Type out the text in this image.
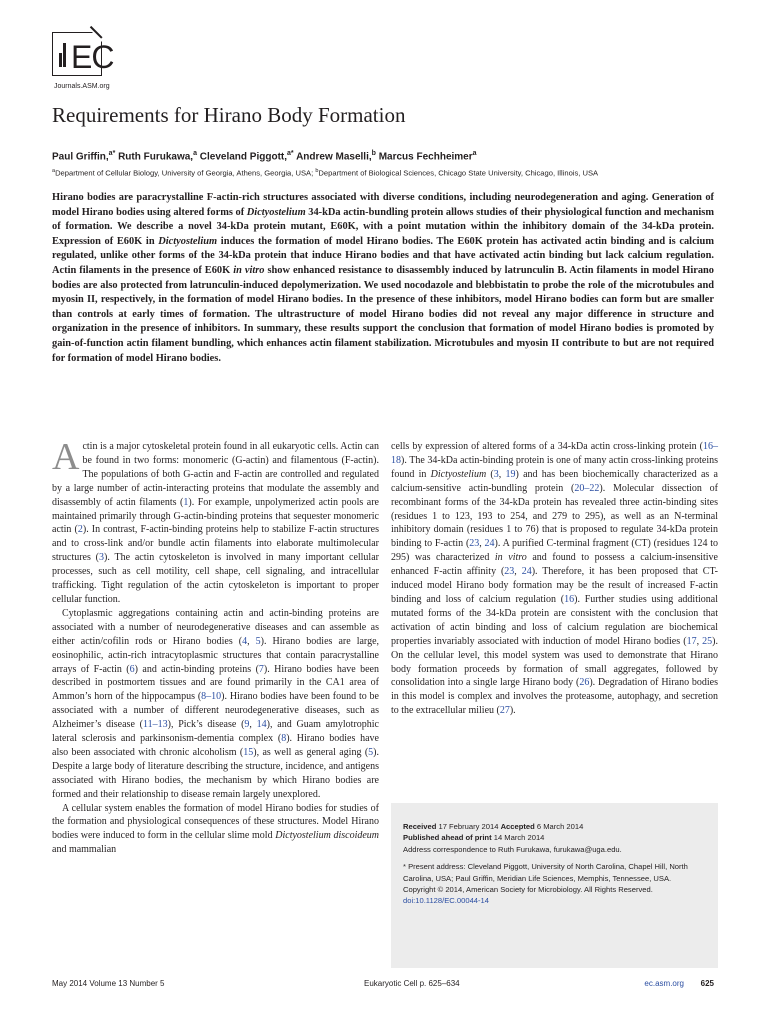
EC
Journals.ASM.org
Requirements for Hirano Body Formation
Paul Griffin,$^{a*}$ Ruth Furukawa,$^a$ Cleveland Piggott,$^{a*}$ Andrew Maselli,$^b$ Marcus Fechheimer$^a$
$^a$Department of Cellular Biology, University of Georgia, Athens, Georgia, USA; $^b$Department of Biological Sciences, Chicago State University, Chicago, Illinois, USA

Hirano bodies are paracrystalline F-actin-rich structures associated with diverse conditions, including neurodegeneration and aging. Generation of model Hirano bodies using altered forms of Dictyostelium 34-kDa actin-bundling protein allows studies of their physiological function and mechanism of formation. We describe a novel 34-kDa protein mutant, E60K, with a point mutation within the inhibitory domain of the 34-kDa protein. Expression of E60K in Dictyostelium induces the formation of model Hirano bodies. The E60K protein has activated actin binding and is calcium regulated, unlike other forms of the 34-kDa protein that induce Hirano bodies and that have activated actin binding but lack calcium regulation. Actin filaments in the presence of E60K in vitro show enhanced resistance to disassembly induced by latrunculin B. Actin filaments in model Hirano bodies are also protected from latrunculin-induced depolymerization. We used nocodazole and blebbistatin to probe the role of the microtubules and myosin II, respectively, in the formation of model Hirano bodies. In the presence of these inhibitors, model Hirano bodies can form but are smaller than controls at early times of formation. The ultrastructure of model Hirano bodies did not reveal any major difference in structure and organization in the presence of inhibitors. In summary, these results support the conclusion that formation of model Hirano bodies is promoted by gain-of-function actin filament bundling, which enhances actin filament stabilization. Microtubules and myosin II contribute to but are not required for formation of model Hirano bodies.

Actin is a major cytoskeletal protein found in all eukaryotic cells. Actin can be found in two forms: monomeric (G-actin) and filamentous (F-actin). The populations of both G-actin and F-actin are controlled and regulated by a large number of actin-interacting proteins that modulate the assembly and disassembly of actin filaments (1). For example, unpolymerized actin pools are maintained primarily through G-actin-binding proteins that sequester monomeric actin (2). In contrast, F-actin-binding proteins help to stabilize F-actin structures and to cross-link and/or bundle actin filaments into elaborate multimolecular structures (3). The actin cytoskeleton is involved in many important cellular processes, such as cell motility, cell shape, cell signaling, and intracellular trafficking. Tight regulation of the actin cytoskeleton is important to proper cellular function.

Cytoplasmic aggregations containing actin and actin-binding proteins are associated with a number of neurodegenerative diseases and can assemble as either actin/cofilin rods or Hirano bodies (4, 5). Hirano bodies are large, eosinophilic, actin-rich intracytoplasmic structures that contain paracrystalline arrays of F-actin (6) and actin-binding proteins (7). Hirano bodies have been described in postmortem tissues and are found primarily in the CA1 area of Ammon’s horn of the hippocampus (8–10). Hirano bodies have been found to be associated with a number of different neurodegenerative diseases, such as Alzheimer’s disease (11–13), Pick’s disease (9, 14), and Guam amylotrophic lateral sclerosis and parkinsonism-dementia complex (8). Hirano bodies have also been associated with chronic alcoholism (15), as well as general aging (5). Despite a large body of literature describing the structure, incidence, and antigens associated with Hirano bodies, the mechanism by which Hirano bodies are formed and their relationship to disease remain largely unexplored.

A cellular system enables the formation of model Hirano bodies for studies of the formation and physiological consequences of these structures. Model Hirano bodies were induced to form in the cellular slime mold Dictyostelium discoideum and mammalian

cells by expression of altered forms of a 34-kDa actin cross-linking protein (16–18). The 34-kDa actin-binding protein is one of many actin cross-linking proteins found in Dictyostelium (3, 19) and has been biochemically characterized as a calcium-sensitive actin-bundling protein (20–22). Molecular dissection of recombinant forms of the 34-kDa protein has revealed three actin-binding sites (residues 1 to 123, 193 to 254, and 279 to 295), as well as an N-terminal inhibitory domain (residues 1 to 76) that is proposed to regulate 34-kDa protein binding to F-actin (23, 24). A purified C-terminal fragment (CT) (residues 124 to 295) was characterized in vitro and found to possess a calcium-insensitive enhanced F-actin affinity (23, 24). Therefore, it has been proposed that CT-induced model Hirano body formation may be the result of increased F-actin binding and loss of calcium regulation (16). Further studies using additional mutated forms of the 34-kDa protein are consistent with the conclusion that activation of actin binding and loss of calcium regulation are biochemical properties invariably associated with induction of model Hirano bodies (17, 25). On the cellular level, this model system was used to demonstrate that Hirano body formation proceeds by formation of small aggregates, followed by consolidation into a single large Hirano body (26). Degradation of Hirano bodies in this model is complex and involves the proteasome, autophagy, and secretion to the extracellular milieu (27).

Received 17 February 2014 Accepted 6 March 2014

Published ahead of print 14 March 2014

Address correspondence to Ruth Furukawa, furukawa@uga.edu.

* Present address: Cleveland Piggott, University of North Carolina, Chapel Hill, North Carolina, USA; Paul Griffin, Meridian Life Sciences, Memphis, Tennessee, USA.

Copyright © 2014, American Society for Microbiology. All Rights Reserved.

doi:10.1128/EC.00044-14

May 2014 Volume 13 Number 5	Eukaryotic Cell p. 625–634	ec.asm.org 625
